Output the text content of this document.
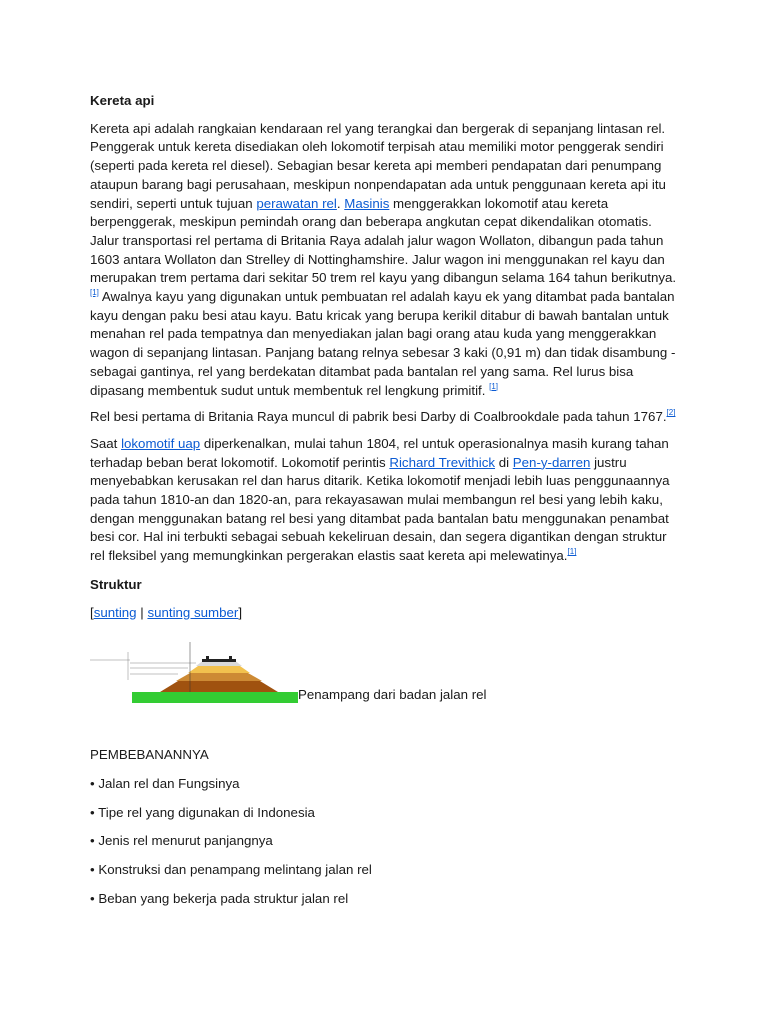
Kereta api

Kereta api adalah rangkaian kendaraan rel yang terangkai dan bergerak di sepanjang lintasan rel. Penggerak untuk kereta disediakan oleh lokomotif terpisah atau memiliki motor penggerak sendiri (seperti pada kereta rel diesel). Sebagian besar kereta api memberi pendapatan dari penumpang ataupun barang bagi perusahaan, meskipun nonpendapatan ada untuk penggunaan kereta api itu sendiri, seperti untuk tujuan perawatan rel. Masinis menggerakkan lokomotif atau kereta berpenggerak, meskipun pemindah orang dan beberapa angkutan cepat dikendalikan otomatis.
Jalur transportasi rel pertama di Britania Raya adalah jalur wagon Wollaton, dibangun pada tahun 1603 antara Wollaton dan Strelley di Nottinghamshire. Jalur wagon ini menggunakan rel kayu dan merupakan trem pertama dari sekitar 50 trem rel kayu yang dibangun selama 164 tahun berikutnya.[1] Awalnya kayu yang digunakan untuk pembuatan rel adalah kayu ek yang ditambat pada bantalan kayu dengan paku besi atau kayu. Batu kricak yang berupa kerikil ditabur di bawah bantalan untuk menahan rel pada tempatnya dan menyediakan jalan bagi orang atau kuda yang menggerakkan wagon di sepanjang lintasan. Panjang batang relnya sebesar 3 kaki (0,91 m) dan tidak disambung - sebagai gantinya, rel yang berdekatan ditambat pada bantalan rel yang sama. Rel lurus bisa dipasang membentuk sudut untuk membentuk rel lengkung primitif. [1]

Rel besi pertama di Britania Raya muncul di pabrik besi Darby di Coalbrookdale pada tahun 1767.[2]

Saat lokomotif uap diperkenalkan, mulai tahun 1804, rel untuk operasionalnya masih kurang tahan terhadap beban berat lokomotif. Lokomotif perintis Richard Trevithick di Pen-y-darren justru menyebabkan kerusakan rel dan harus ditarik. Ketika lokomotif menjadi lebih luas penggunaannya pada tahun 1810-an dan 1820-an, para rekayasawan mulai membangun rel besi yang lebih kaku, dengan menggunakan batang rel besi yang ditambat pada bantalan batu menggunakan penambat besi cor. Hal ini terbukti sebagai sebuah kekeliruan desain, dan segera digantikan dengan struktur rel fleksibel yang memungkinkan pergerakan elastis saat kereta api melewatinya.[1]

Struktur
[sunting | sunting sumber]
Penampang dari badan jalan rel
PEMBEBANANNYA
• Jalan rel dan Fungsinya
• Tipe rel yang digunakan di Indonesia
• Jenis rel menurut panjangnya
• Konstruksi dan penampang melintang jalan rel
• Beban yang bekerja pada struktur jalan rel
